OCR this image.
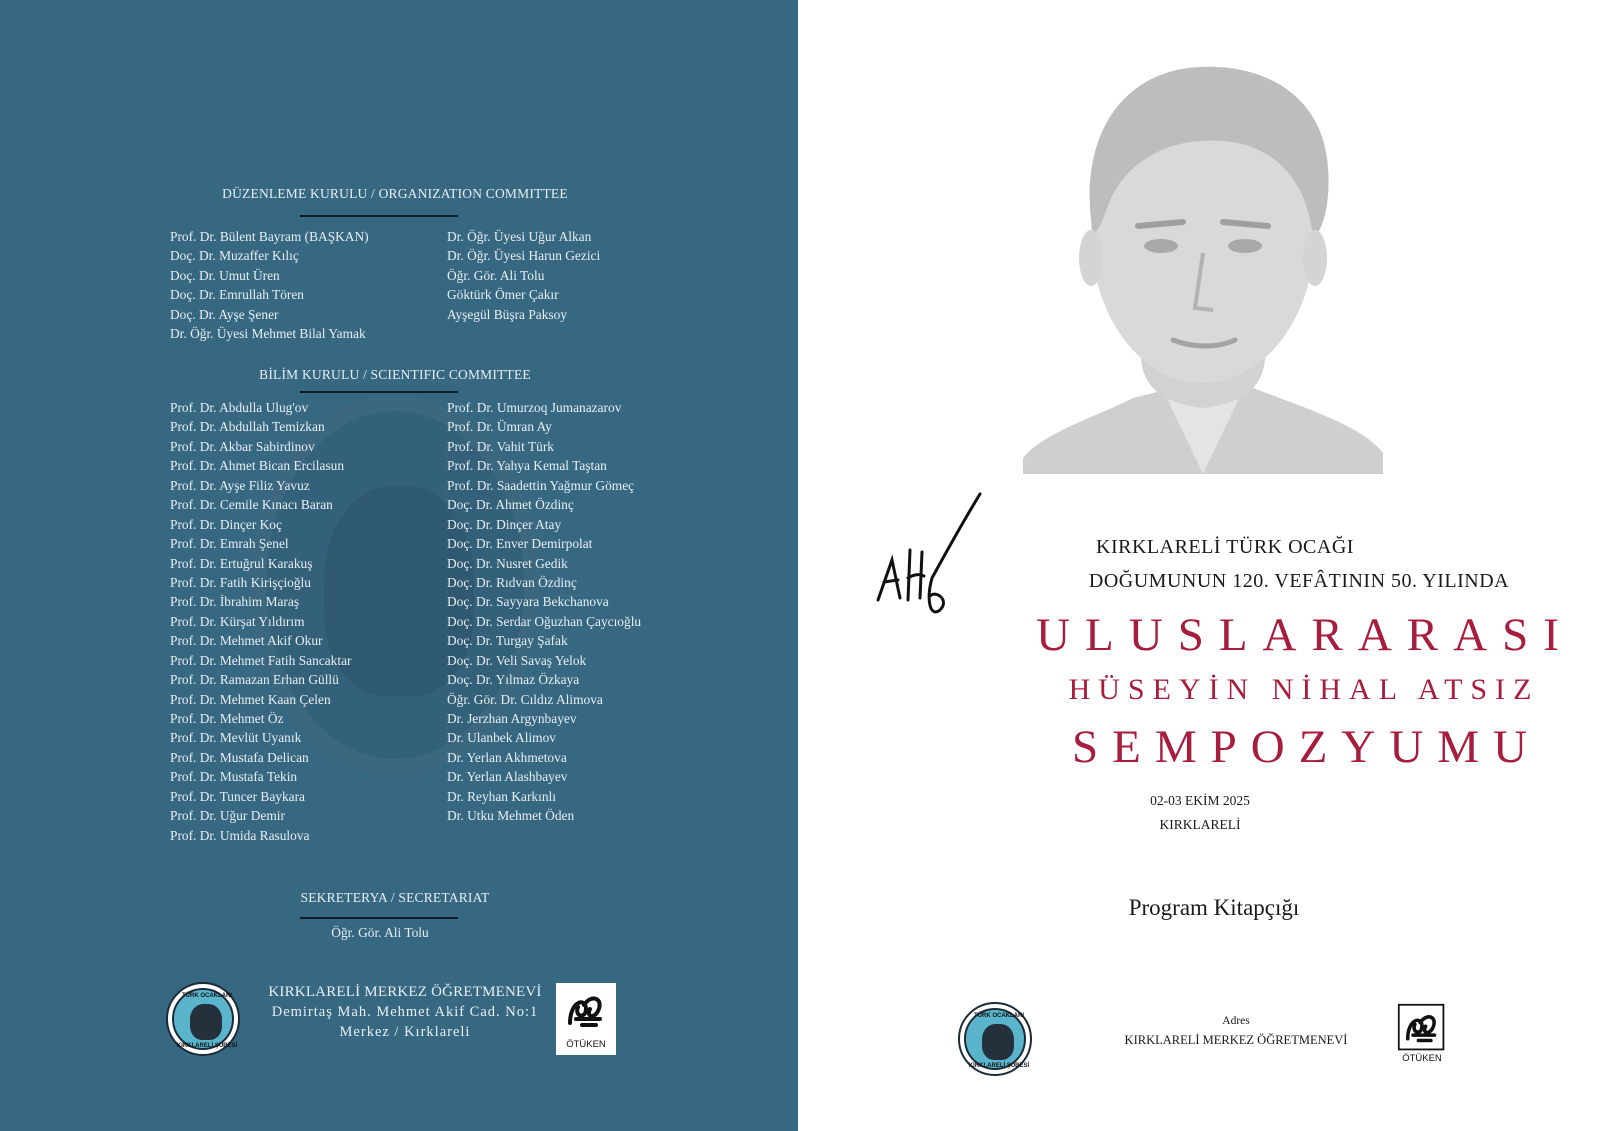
DÜZENLEME KURULU / ORGANIZATION COMMITTEE
Prof. Dr. Bülent Bayram (BAŞKAN)
Doç. Dr. Muzaffer Kılıç
Doç. Dr. Umut Üren
Doç. Dr. Emrullah Tören
Doç. Dr. Ayşe Şener
Dr. Öğr. Üyesi Mehmet Bilal Yamak
Dr. Öğr. Üyesi Uğur Alkan
Dr. Öğr. Üyesi Harun Gezici
Öğr. Gör. Ali Tolu
Göktürk Ömer Çakır
Ayşegül Büşra Paksoy
BİLİM KURULU / SCIENTIFIC COMMITTEE
Prof. Dr. Abdulla Ulug'ov
Prof. Dr. Abdullah Temizkan
Prof. Dr. Akbar Sabirdinov
Prof. Dr. Ahmet Bican Ercilasun
Prof. Dr. Ayşe Filiz Yavuz
Prof. Dr. Cemile Kınacı Baran
Prof. Dr. Dinçer Koç
Prof. Dr. Emrah Şenel
Prof. Dr. Ertuğrul Karakuş
Prof. Dr. Fatih Kirişçioğlu
Prof. Dr. İbrahim Maraş
Prof. Dr. Kürşat Yıldırım
Prof. Dr. Mehmet Akif Okur
Prof. Dr. Mehmet Fatih Sancaktar
Prof. Dr. Ramazan Erhan Güllü
Prof. Dr. Mehmet Kaan Çelen
Prof. Dr. Mehmet Öz
Prof. Dr. Mevlüt Uyanık
Prof. Dr. Mustafa Delican
Prof. Dr. Mustafa Tekin
Prof. Dr. Tuncer Baykara
Prof. Dr. Uğur Demir
Prof. Dr. Umida Rasulova
Prof. Dr. Umurzoq Jumanazarov
Prof. Dr. Ümran Ay
Prof. Dr. Vahit Türk
Prof. Dr. Yahya Kemal Taştan
Prof. Dr. Saadettin Yağmur Gömeç
Doç. Dr. Ahmet Özdinç
Doç. Dr. Dinçer Atay
Doç. Dr. Enver Demirpolat
Doç. Dr. Nusret Gedik
Doç. Dr. Rıdvan Özdinç
Doç. Dr. Sayyara Bekchanova
Doç. Dr. Serdar Oğuzhan Çaycıoğlu
Doç. Dr. Turgay Şafak
Doç. Dr. Veli Savaş Yelok
Doç. Dr. Yılmaz Özkaya
Öğr. Gör. Dr. Cıldız Alimova
Dr. Jerzhan Argynbayev
Dr. Ulanbek Alimov
Dr. Yerlan Akhmetova
Dr. Yerlan Alashbayev
Dr. Reyhan Karkınlı
Dr. Utku Mehmet Öden
SEKRETERYA / SECRETARIAT
Öğr. Gör. Ali Tolu
TÜRK OCAKLARI
KIRKLARELİ ŞUBESİ
KIRKLARELİ MERKEZ ÖĞRETMENEVİ
Demirtaş Mah. Mehmet Akif Cad. No:1
Merkez / Kırklareli
ÖTÜKEN
KIRKLARELİ TÜRK OCAĞI
DOĞUMUNUN 120. VEFÂTININ 50. YILINDA
ULUSLARARASI
HÜSEYİN NİHAL ATSIZ
SEMPOZYUMU
02-03 EKİM 2025
KIRKLARELİ
Program Kitapçığı
TÜRK OCAKLARI
KIRKLARELİ ŞUBESİ
Adres
KIRKLARELİ MERKEZ ÖĞRETMENEVİ
ÖTÜKEN
